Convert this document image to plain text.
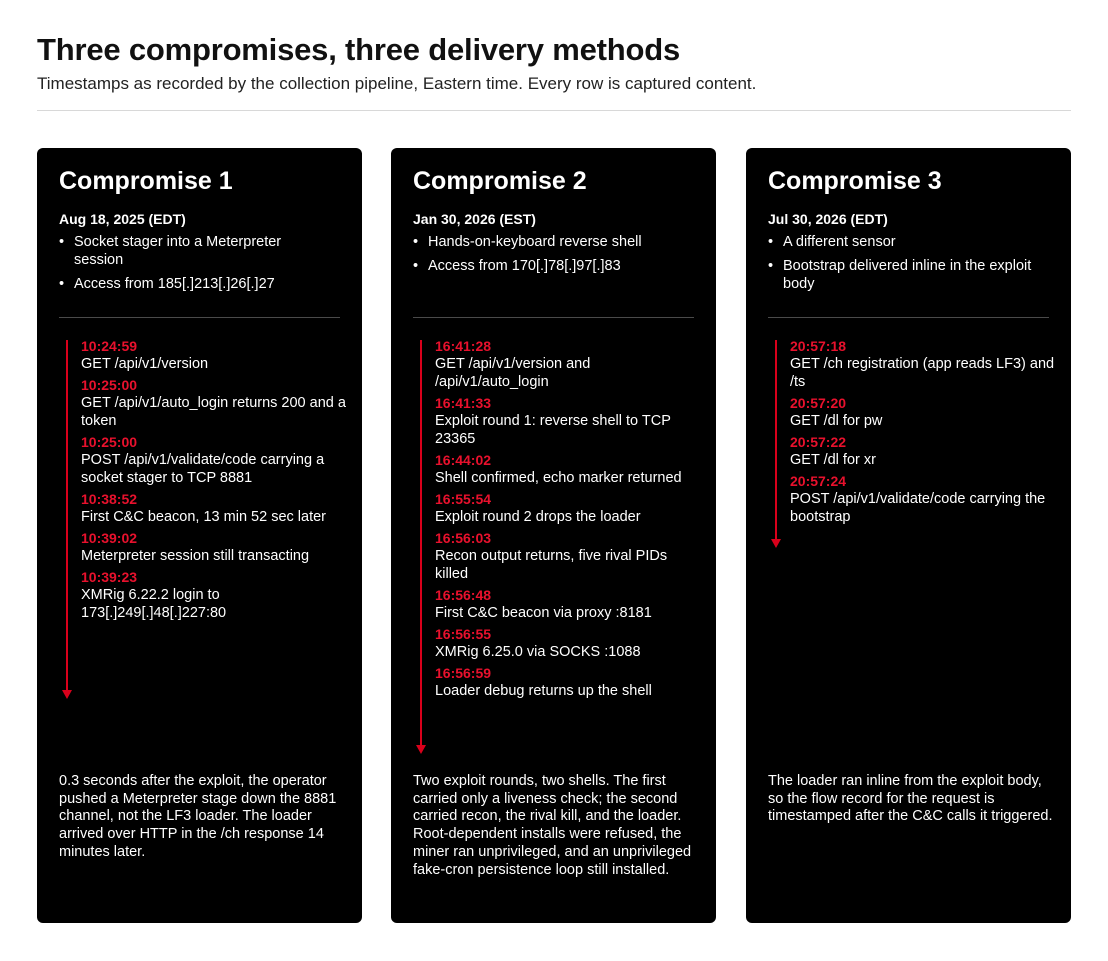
Three compromises, three delivery methods

Timestamps as recorded by the collection pipeline, Eastern time. Every row is captured content.

Compromise 1
Aug 18, 2025 (EDT)
• Socket stager into a Meterpreter session
• Access from 185[.]213[.]26[.]27
10:24:59
GET /api/v1/version
10:25:00
GET /api/v1/auto_login returns 200 and a token
10:25:00
POST /api/v1/validate/code carrying a socket stager to TCP 8881
10:38:52
First C&C beacon, 13 min 52 sec later
10:39:02
Meterpreter session still transacting
10:39:23
XMRig 6.22.2 login to 173[.]249[.]48[.]227:80

0.3 seconds after the exploit, the operator pushed a Meterpreter stage down the 8881 channel, not the LF3 loader. The loader arrived over HTTP in the /ch response 14 minutes later.

Compromise 2
Jan 30, 2026 (EST)
• Hands-on-keyboard reverse shell
• Access from 170[.]78[.]97[.]83
16:41:28
GET /api/v1/version and /api/v1/auto_login
16:41:33
Exploit round 1: reverse shell to TCP 23365
16:44:02
Shell confirmed, echo marker returned
16:55:54
Exploit round 2 drops the loader
16:56:03
Recon output returns, five rival PIDs killed
16:56:48
First C&C beacon via proxy :8181
16:56:55
XMRig 6.25.0 via SOCKS :1088
16:56:59
Loader debug returns up the shell

Two exploit rounds, two shells. The first carried only a liveness check; the second carried recon, the rival kill, and the loader. Root-dependent installs were refused, the miner ran unprivileged, and an unprivileged fake-cron persistence loop still installed.

Compromise 3
Jul 30, 2026 (EDT)
• A different sensor
• Bootstrap delivered inline in the exploit body
20:57:18
GET /ch registration (app reads LF3) and /ts
20:57:20
GET /dl for pw
20:57:22
GET /dl for xr
20:57:24
POST /api/v1/validate/code carrying the bootstrap

The loader ran inline from the exploit body, so the flow record for the request is timestamped after the C&C calls it triggered.
